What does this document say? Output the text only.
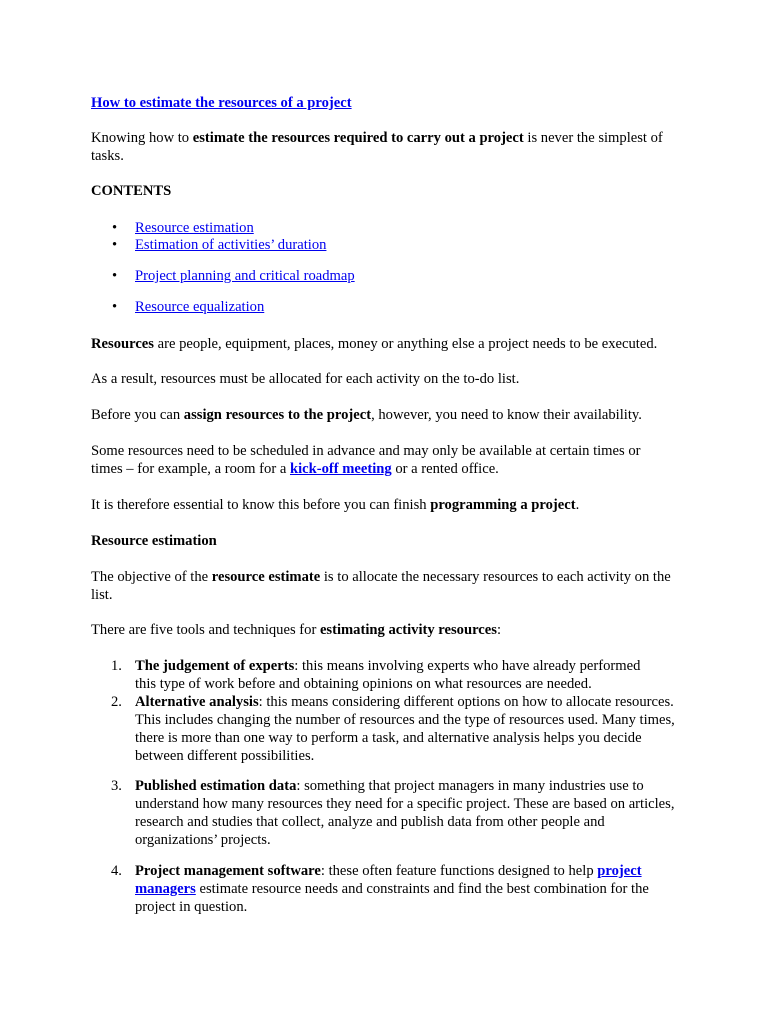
How to estimate the resources of a project

Knowing how to estimate the resources required to carry out a project is never the simplest of tasks.

CONTENTS

• Resource estimation
• Estimation of activities’ duration
• Project planning and critical roadmap
• Resource equalization

Resources are people, equipment, places, money or anything else a project needs to be executed.

As a result, resources must be allocated for each activity on the to-do list.

Before you can assign resources to the project, however, you need to know their availability.

Some resources need to be scheduled in advance and may only be available at certain times or times – for example, a room for a kick-off meeting or a rented office.

It is therefore essential to know this before you can finish programming a project.

Resource estimation

The objective of the resource estimate is to allocate the necessary resources to each activity on the list.

There are five tools and techniques for estimating activity resources:

1. The judgement of experts: this means involving experts who have already performed this type of work before and obtaining opinions on what resources are needed.
2. Alternative analysis: this means considering different options on how to allocate resources. This includes changing the number of resources and the type of resources used. Many times, there is more than one way to perform a task, and alternative analysis helps you decide between different possibilities.
3. Published estimation data: something that project managers in many industries use to understand how many resources they need for a specific project. These are based on articles, research and studies that collect, analyze and publish data from other people and organizations’ projects.
4. Project management software: these often feature functions designed to help project managers estimate resource needs and constraints and find the best combination for the project in question.
